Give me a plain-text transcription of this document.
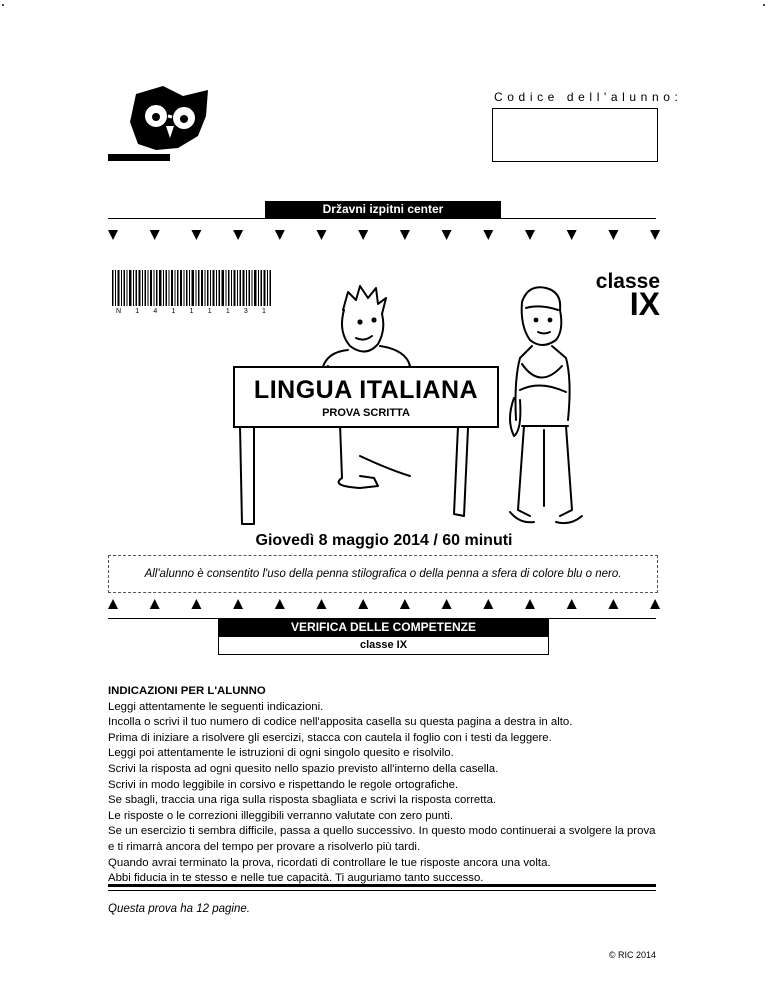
Codice dell'alunno:
Državni izpitni center
N 1 4 1 1 1 1 3 1
classe
IX
LINGUA ITALIANA
PROVA SCRITTA
Giovedì 8 maggio 2014 / 60 minuti
All'alunno è consentito l'uso della penna stilografica o della penna a sfera di colore blu o nero.
VERIFICA DELLE COMPETENZE
classe IX

INDICAZIONI PER L'ALUNNO

Leggi attentamente le seguenti indicazioni.

Incolla o scrivi il tuo numero di codice nell'apposita casella su questa pagina a destra in alto.

Prima di iniziare a risolvere gli esercizi, stacca con cautela il foglio con i testi da leggere.

Leggi poi attentamente le istruzioni di ogni singolo quesito e risolvilo.

Scrivi la risposta ad ogni quesito nello spazio previsto all'interno della casella.

Scrivi in modo leggibile in corsivo e rispettando le regole ortografiche.

Se sbagli, traccia una riga sulla risposta sbagliata e scrivi la risposta corretta.

Le risposte o le correzioni illeggibili verranno valutate con zero punti.

Se un esercizio ti sembra difficile, passa a quello successivo. In questo modo continuerai a svolgere la prova

e ti rimarrà ancora del tempo per provare a risolverlo più tardi.

Quando avrai terminato la prova, ricordati di controllare le tue risposte ancora una volta.

Abbi fiducia in te stesso e nelle tue capacità. Ti auguriamo tanto successo.

Questa prova ha 12 pagine.
© RIC 2014
